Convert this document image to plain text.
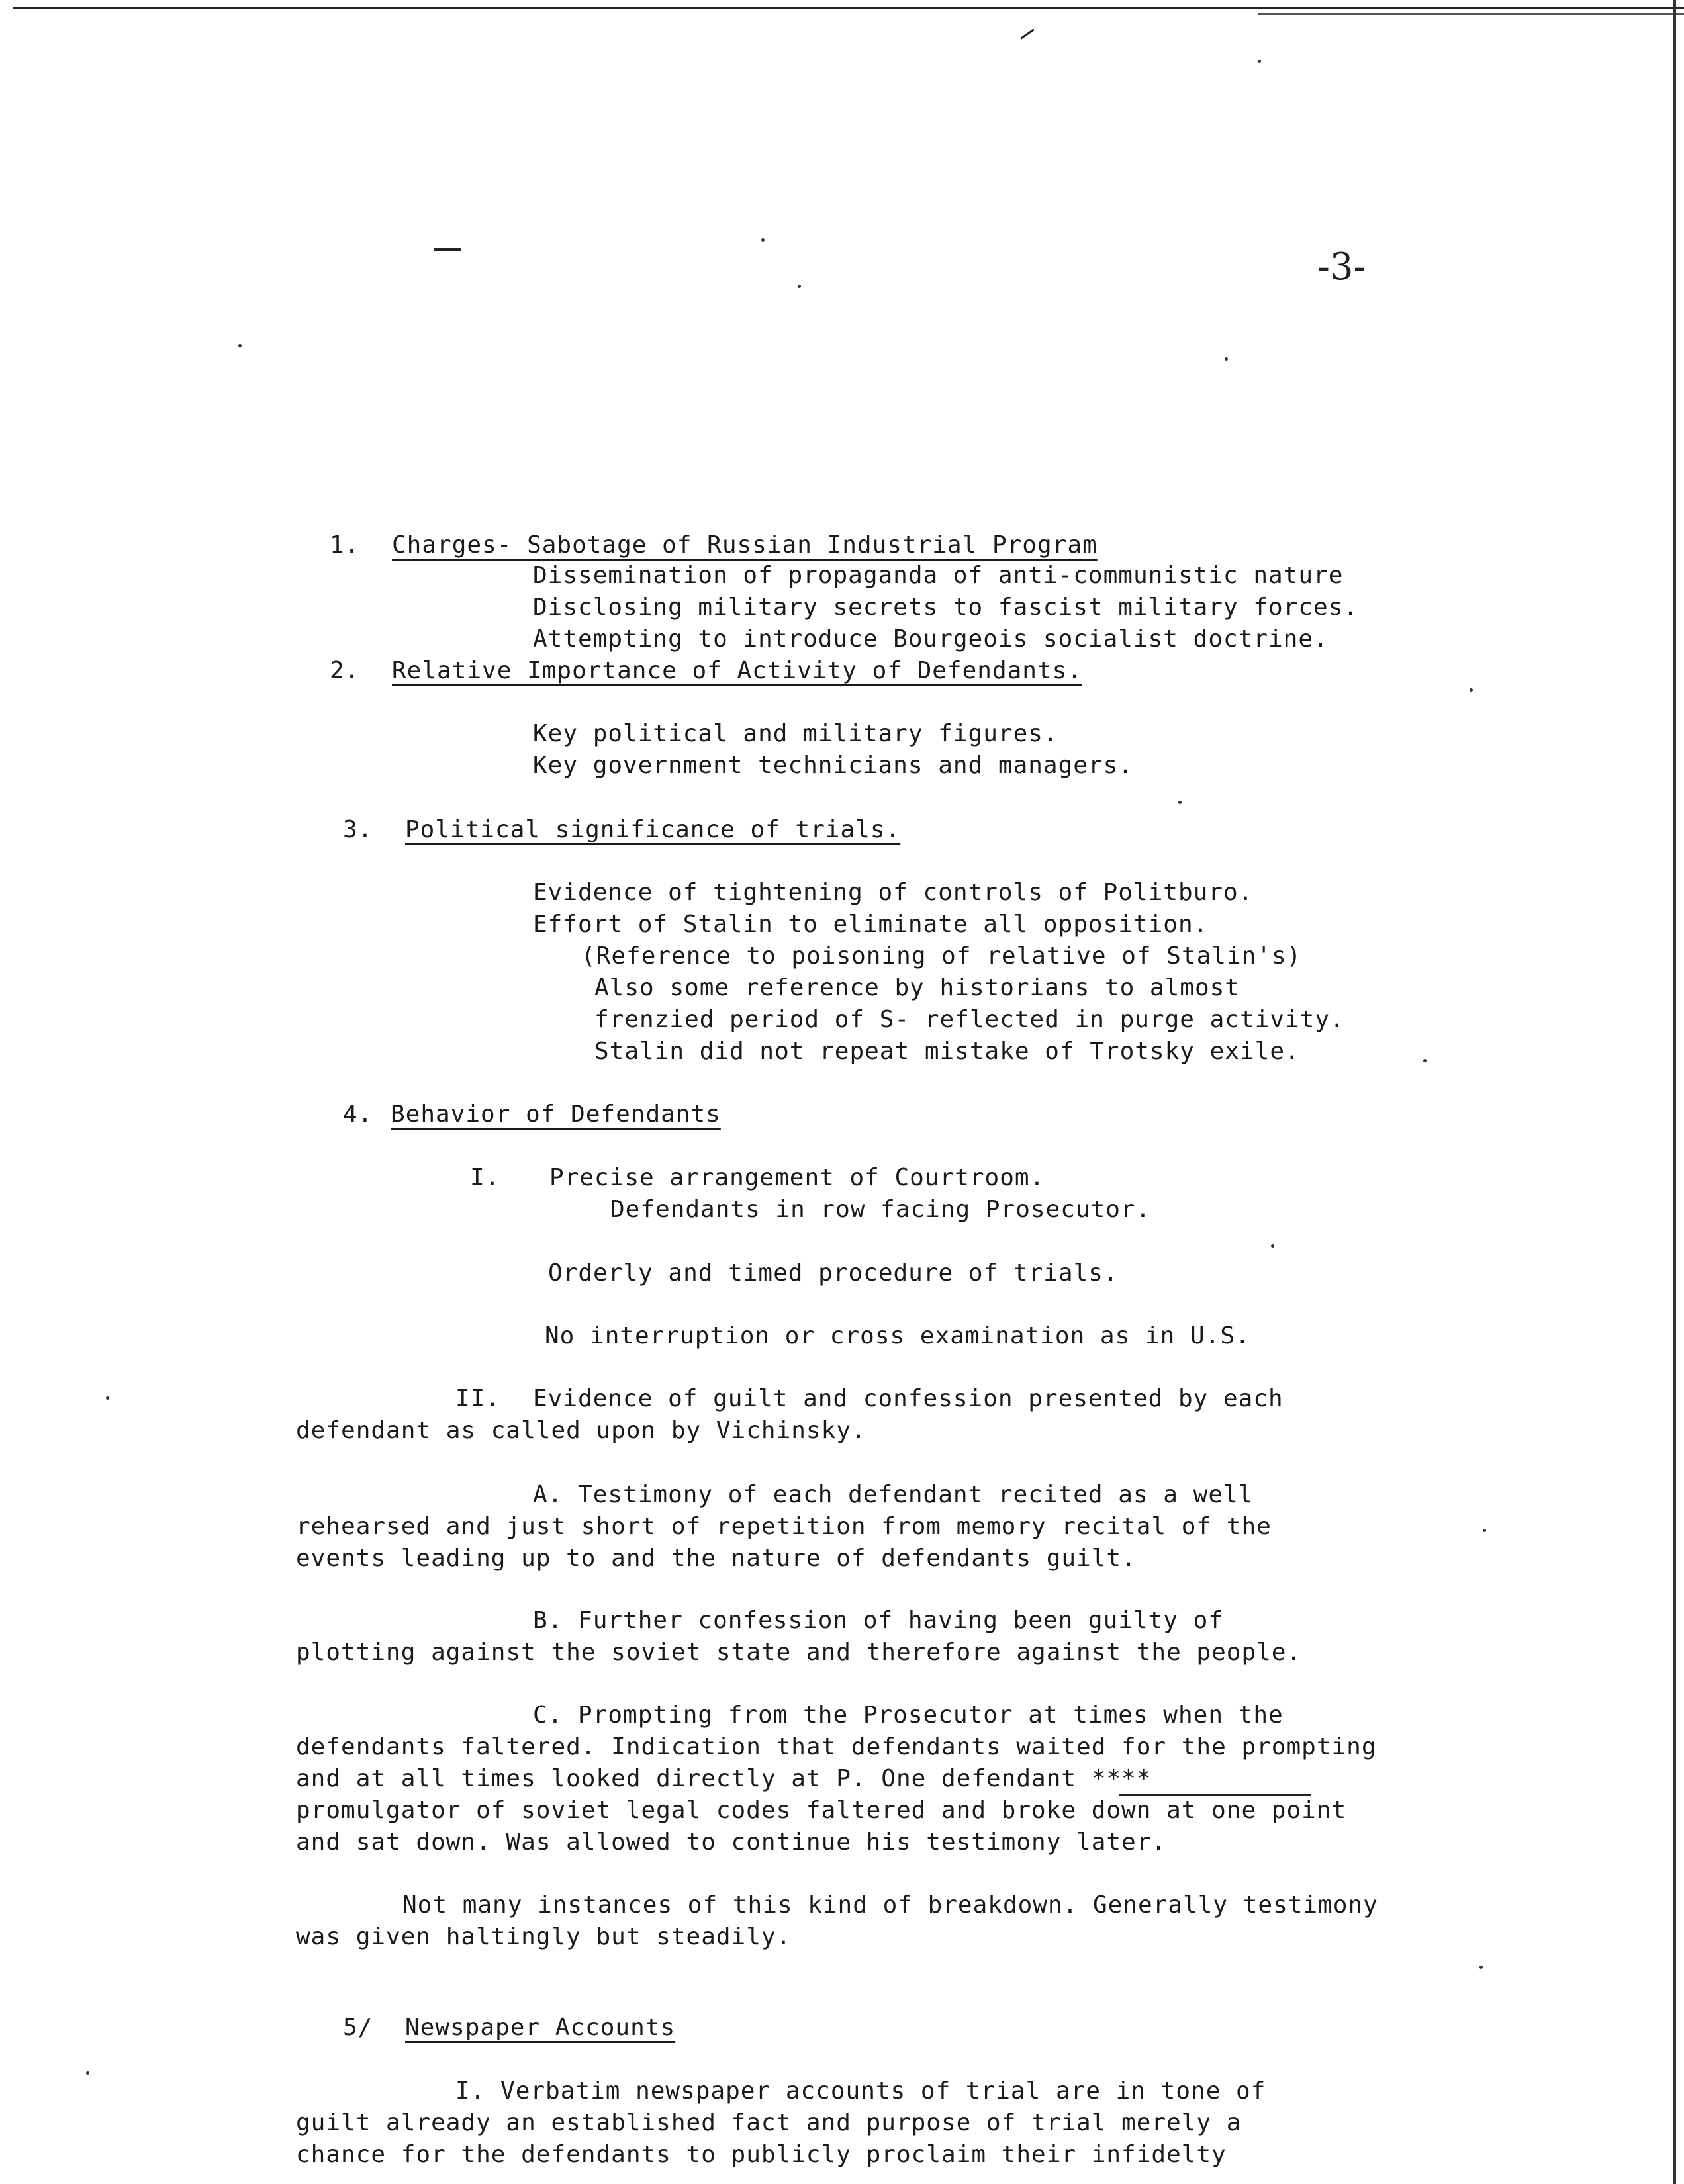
-3-
1. Charges- Sabotage of Russian Industrial Program
Dissemination of propaganda of anti-communistic nature
Disclosing military secrets to fascist military forces.
Attempting to introduce Bourgeois socialist doctrine.
2. Relative Importance of Activity of Defendants.
Key political and military figures.
Key government technicians and managers.
3. Political significance of trials.
Evidence of tightening of controls of Politburo.
Effort of Stalin to eliminate all opposition.
(Reference to poisoning of relative of Stalin's)
Also some reference by historians to almost
frenzied period of S- reflected in purge activity.
Stalin did not repeat mistake of Trotsky exile.
4. Behavior of Defendants
I. Precise arrangement of Courtroom.
Defendants in row facing Prosecutor.
Orderly and timed procedure of trials.
No interruption or cross examination as in U.S.
II. Evidence of guilt and confession presented by each
defendant as called upon by Vichinsky.
A. Testimony of each defendant recited as a well
rehearsed and just short of repetition from memory recital of the
events leading up to and the nature of defendants guilt.
B. Further confession of having been guilty of
plotting against the soviet state and therefore against the people.
C. Prompting from the Prosecutor at times when the
defendants faltered. Indication that defendants waited for the prompting
and at all times looked directly at P. One defendant ****
promulgator of soviet legal codes faltered and broke down at one point
and sat down. Was allowed to continue his testimony later.
Not many instances of this kind of breakdown. Generally testimony
was given haltingly but steadily.
5/ Newspaper Accounts
I. Verbatim newspaper accounts of trial are in tone of
guilt already an established fact and purpose of trial merely a
chance for the defendants to publicly proclaim their infidelty
